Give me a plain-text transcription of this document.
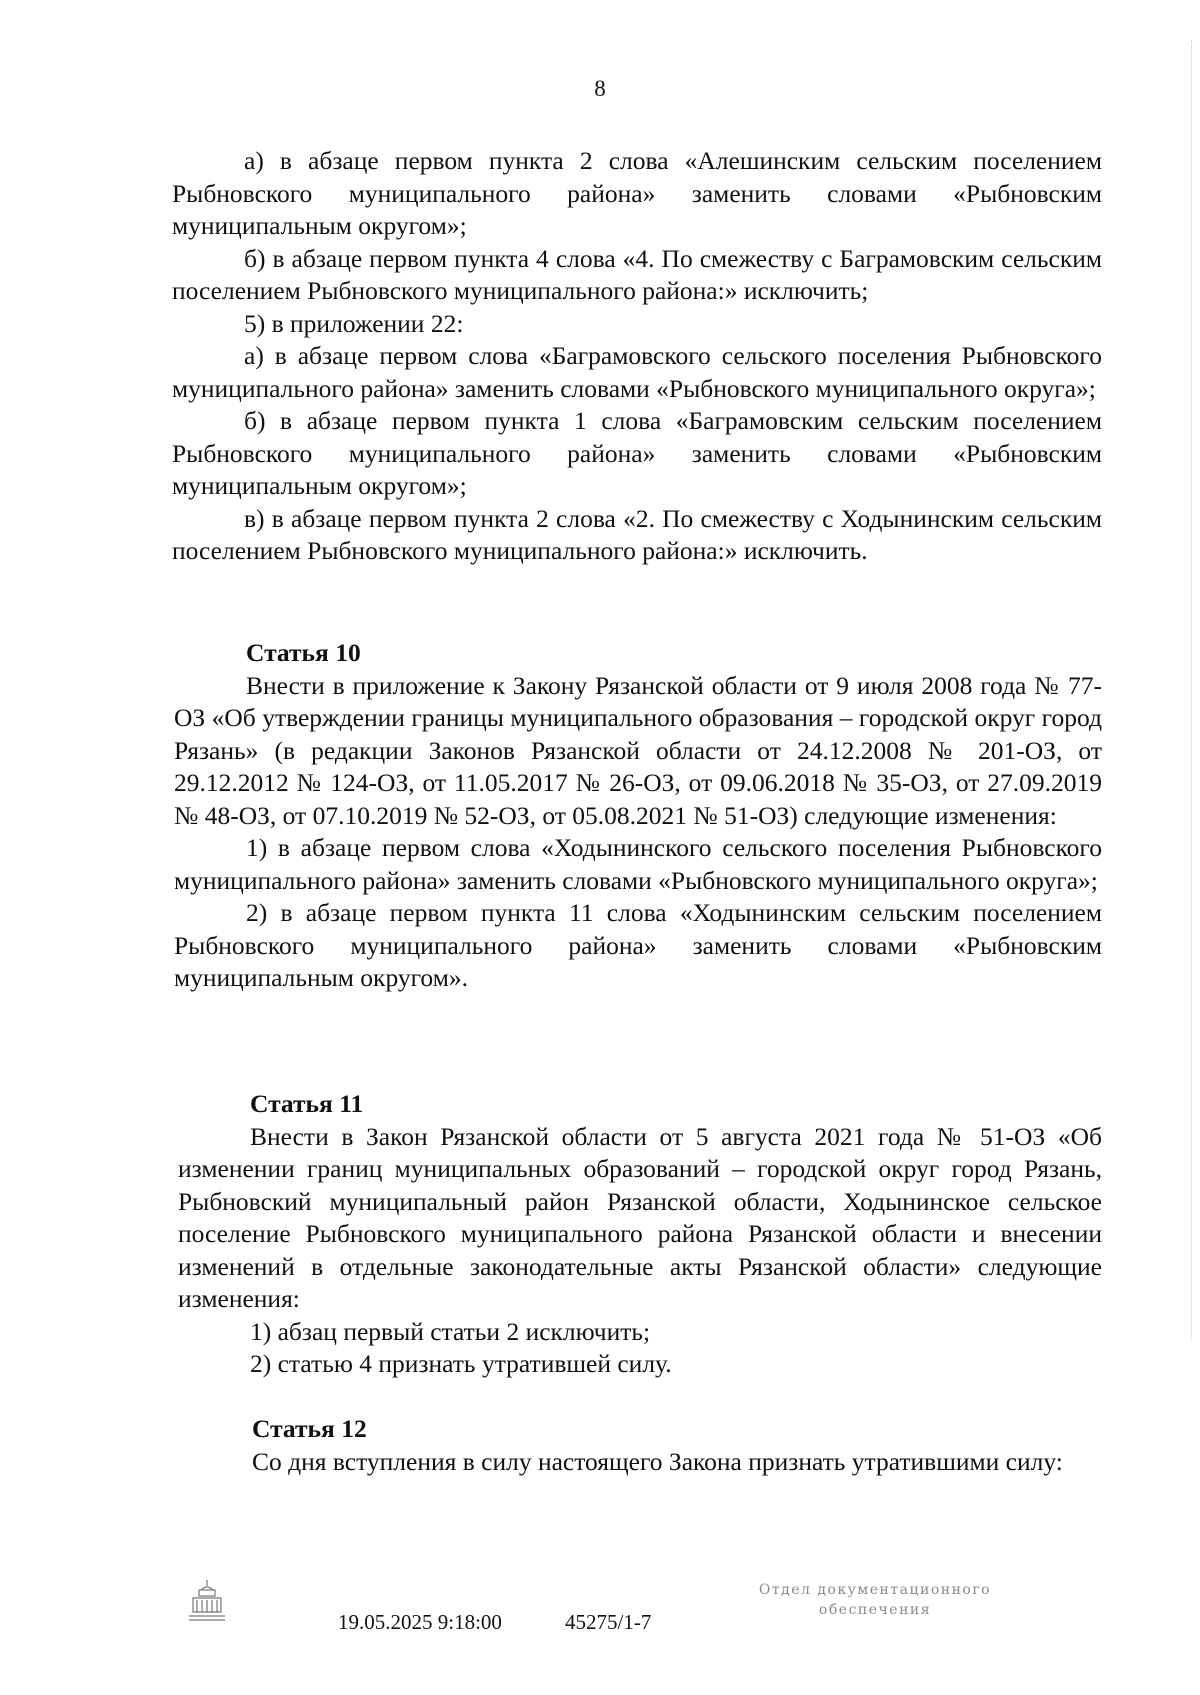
8

а) в абзаце первом пункта 2 слова «Алешинским сельским поселением Рыбновского муниципального района» заменить словами «Рыбновским муниципальным округом»;

б) в абзаце первом пункта 4 слова «4. По смежеству с Баграмовским сельским поселением Рыбновского муниципального района:» исключить;

5) в приложении 22:

а) в абзаце первом слова «Баграмовского сельского поселения Рыбновского муниципального района» заменить словами «Рыбновского муниципального округа»;

б) в абзаце первом пункта 1 слова «Баграмовским сельским поселением Рыбновского муниципального района» заменить словами «Рыбновским муниципальным округом»;

в) в абзаце первом пункта 2 слова «2. По смежеству с Ходынинским сельским поселением Рыбновского муниципального района:» исключить.

Статья 10

Внести в приложение к Закону Рязанской области от 9 июля 2008 года № 77-ОЗ «Об утверждении границы муниципального образования – городской округ город Рязань» (в редакции Законов Рязанской области от 24.12.2008 № 201-ОЗ, от 29.12.2012 № 124-ОЗ, от 11.05.2017 № 26-ОЗ, от 09.06.2018 № 35-ОЗ, от 27.09.2019 № 48-ОЗ, от 07.10.2019 № 52-ОЗ, от 05.08.2021 № 51-ОЗ) следующие изменения:

1) в абзаце первом слова «Ходынинского сельского поселения Рыбновского муниципального района» заменить словами «Рыбновского муниципального округа»;

2) в абзаце первом пункта 11 слова «Ходынинским сельским поселением Рыбновского муниципального района» заменить словами «Рыбновским муниципальным округом».

Статья 11

Внести в Закон Рязанской области от 5 августа 2021 года № 51-ОЗ «Об изменении границ муниципальных образований – городской округ город Рязань, Рыбновский муниципальный район Рязанской области, Ходынинское сельское поселение Рыбновского муниципального района Рязанской области и внесении изменений в отдельные законодательные акты Рязанской области» следующие изменения:

1) абзац первый статьи 2 исключить;

2) статью 4 признать утратившей силу.

Статья 12

Со дня вступления в силу настоящего Закона признать утратившими силу:

19.05.2025 9:18:00	45275/1-7
Отдел документационного
обеспечения
